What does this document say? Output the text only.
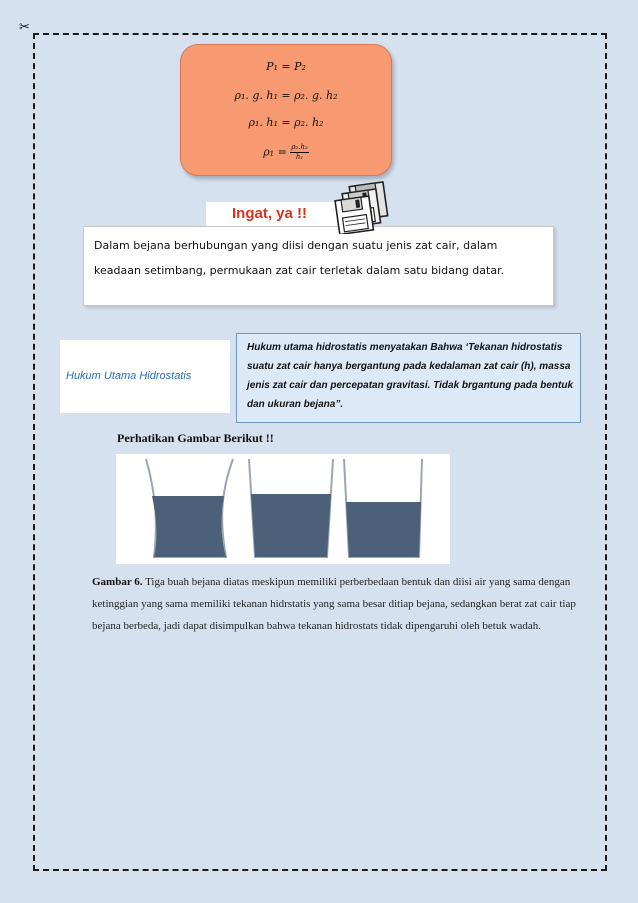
✂
P₁ = P₂
ρ₁. g. h₁ = ρ₂. g. h₂
ρ₁. h₁ = ρ₂. h₂
$\rho_1 = \frac{\text{ρ₂.h₂}}{\text{h₁}}$
Dalam bejana berhubungan yang diisi dengan suatu jenis zat cair, dalam keadaan setimbang, permukaan zat cair terletak dalam satu bidang datar.
Ingat, ya !!
Hukum Utama Hidrostatis
Hukum utama hidrostatis menyatakan Bahwa ‘Tekanan hidrostatis suatu zat cair hanya bergantung pada kedalaman zat cair (h), massa jenis zat cair dan percepatan gravitasi. Tidak brgantung pada bentuk dan ukuran bejana”.
Perhatikan Gambar Berikut !!
Gambar 6. Tiga buah bejana diatas meskipun memiliki perberbedaan bentuk dan diisi air yang sama dengan ketinggian yang sama memiliki tekanan hidrstatis yang sama besar ditiap bejana, sedangkan berat zat cair tiap bejana berbeda, jadi dapat disimpulkan bahwa tekanan hidrostats tidak dipengaruhi oleh betuk wadah.
